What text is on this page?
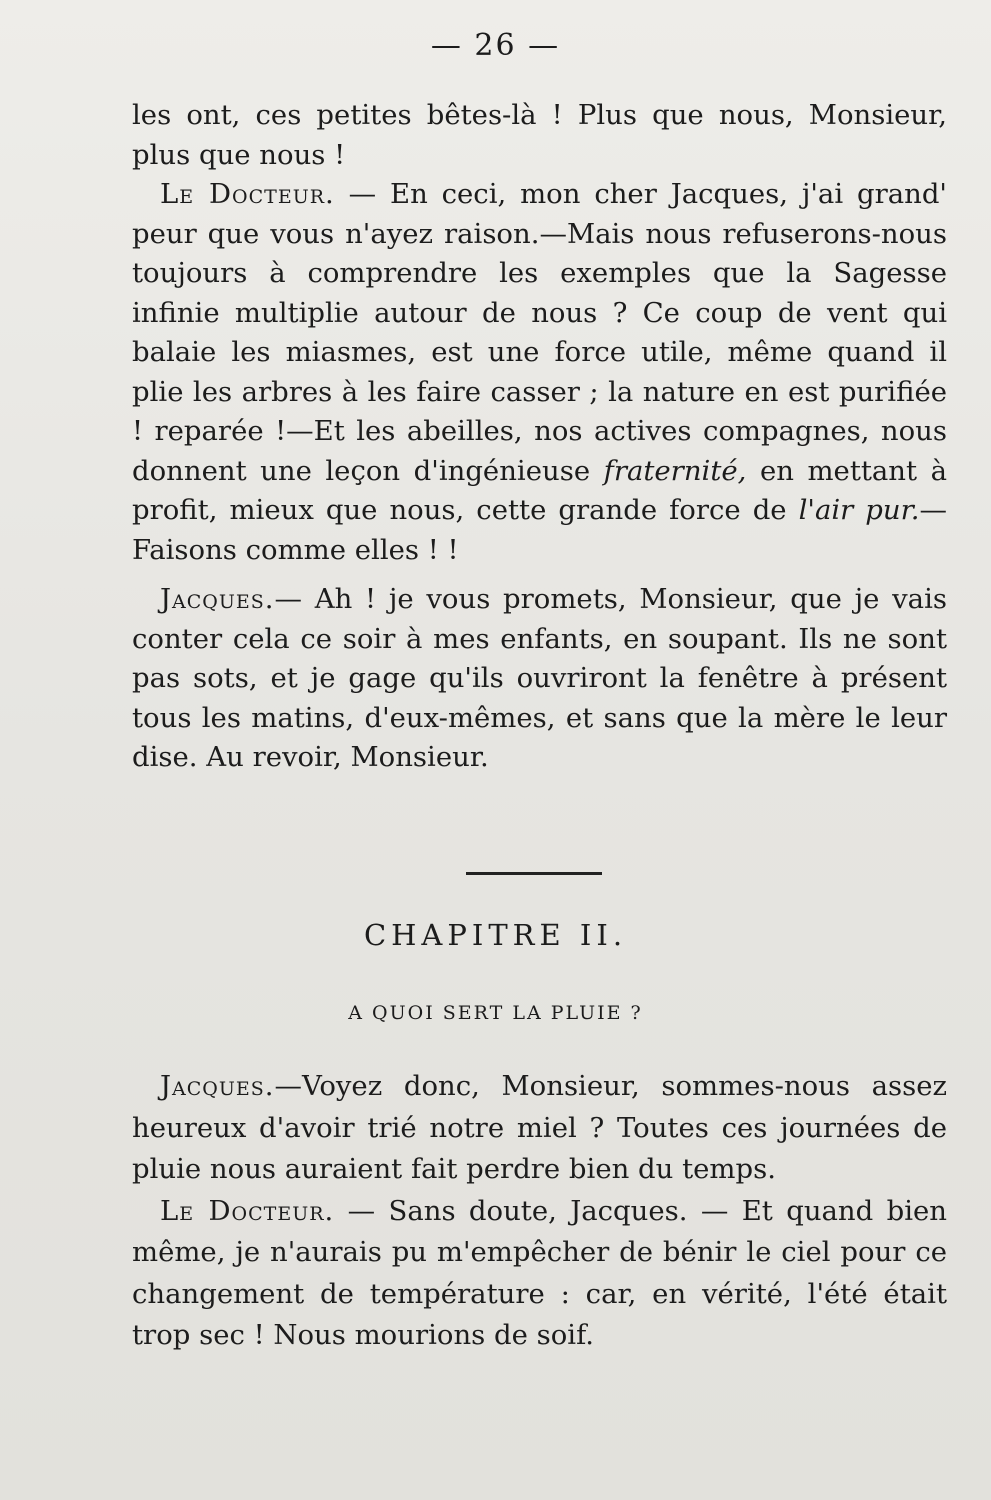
— 26 —

les ont, ces petites bêtes-là ! Plus que nous, Monsieur, plus que nous !

Le Docteur. — En ceci, mon cher Jacques, j'ai grand' peur que vous n'ayez raison.—Mais nous refuserons-nous toujours à comprendre les exemples que la Sagesse infinie multiplie autour de nous ? Ce coup de vent qui balaie les miasmes, est une force utile, même quand il plie les arbres à les faire casser ; la nature en est purifiée ! reparée !—Et les abeilles, nos actives compagnes, nous donnent une leçon d'ingénieuse fraternité, en mettant à profit, mieux que nous, cette grande force de l'air pur.—Faisons comme elles ! !

Jacques.— Ah ! je vous promets, Monsieur, que je vais conter cela ce soir à mes enfants, en soupant. Ils ne sont pas sots, et je gage qu'ils ouvriront la fenêtre à présent tous les matins, d'eux-mêmes, et sans que la mère le leur dise. Au revoir, Monsieur.

CHAPITRE II.
A QUOI SERT LA PLUIE ?

Jacques.—Voyez donc, Monsieur, sommes-nous assez heureux d'avoir trié notre miel ? Toutes ces journées de pluie nous auraient fait perdre bien du temps.

Le Docteur. — Sans doute, Jacques. — Et quand bien même, je n'aurais pu m'empêcher de bénir le ciel pour ce changement de température : car, en vérité, l'été était trop sec ! Nous mourions de soif.
